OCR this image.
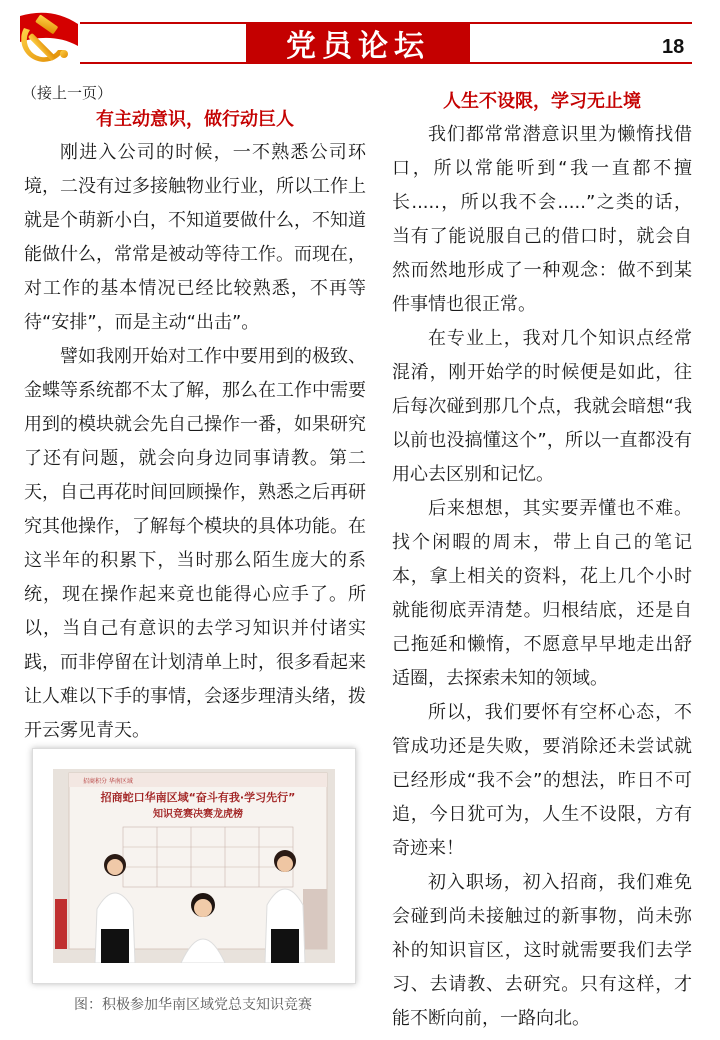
党员论坛	18
（接上一页）
有主动意识，做行动巨人

刚进入公司的时候，一不熟悉公司环境，二没有过多接触物业行业，所以工作上就是个萌新小白，不知道要做什么，不知道能做什么，常常是被动等待工作。而现在，对工作的基本情况已经比较熟悉，不再等待“安排”，而是主动“出击”。

譬如我刚开始对工作中要用到的极致、金蝶等系统都不太了解，那么在工作中需要用到的模块就会先自己操作一番，如果研究了还有问题，就会向身边同事请教。第二天，自己再花时间回顾操作，熟悉之后再研究其他操作，了解每个模块的具体功能。在这半年的积累下，当时那么陌生庞大的系统，现在操作起来竟也能得心应手了。所以，当自己有意识的去学习知识并付诸实践，而非停留在计划清单上时，很多看起来让人难以下手的事情，会逐步理清头绪，拨开云雾见青天。

招商积分 华南区域
招商蛇口华南区域“奋斗有我·学习先行”
知识竞赛决赛龙虎榜
图：积极参加华南区域党总支知识竞赛
人生不设限，学习无止境

我们都常常潜意识里为懒惰找借口，所以常能听到“我一直都不擅长.....，所以我不会.....”之类的话，当有了能说服自己的借口时，就会自然而然地形成了一种观念：做不到某件事情也很正常。

在专业上，我对几个知识点经常混淆，刚开始学的时候便是如此，往后每次碰到那几个点，我就会暗想“我以前也没搞懂这个”，所以一直都没有用心去区别和记忆。

后来想想，其实要弄懂也不难。找个闲暇的周末，带上自己的笔记本，拿上相关的资料，花上几个小时就能彻底弄清楚。归根结底，还是自己拖延和懒惰，不愿意早早地走出舒适圈，去探索未知的领域。

所以，我们要怀有空杯心态，不管成功还是失败，要消除还未尝试就已经形成“我不会”的想法，昨日不可追，今日犹可为，人生不设限，方有奇迹来！

初入职场，初入招商，我们难免会碰到尚未接触过的新事物，尚未弥补的知识盲区，这时就需要我们去学习、去请教、去研究。只有这样，才能不断向前，一路向北。
